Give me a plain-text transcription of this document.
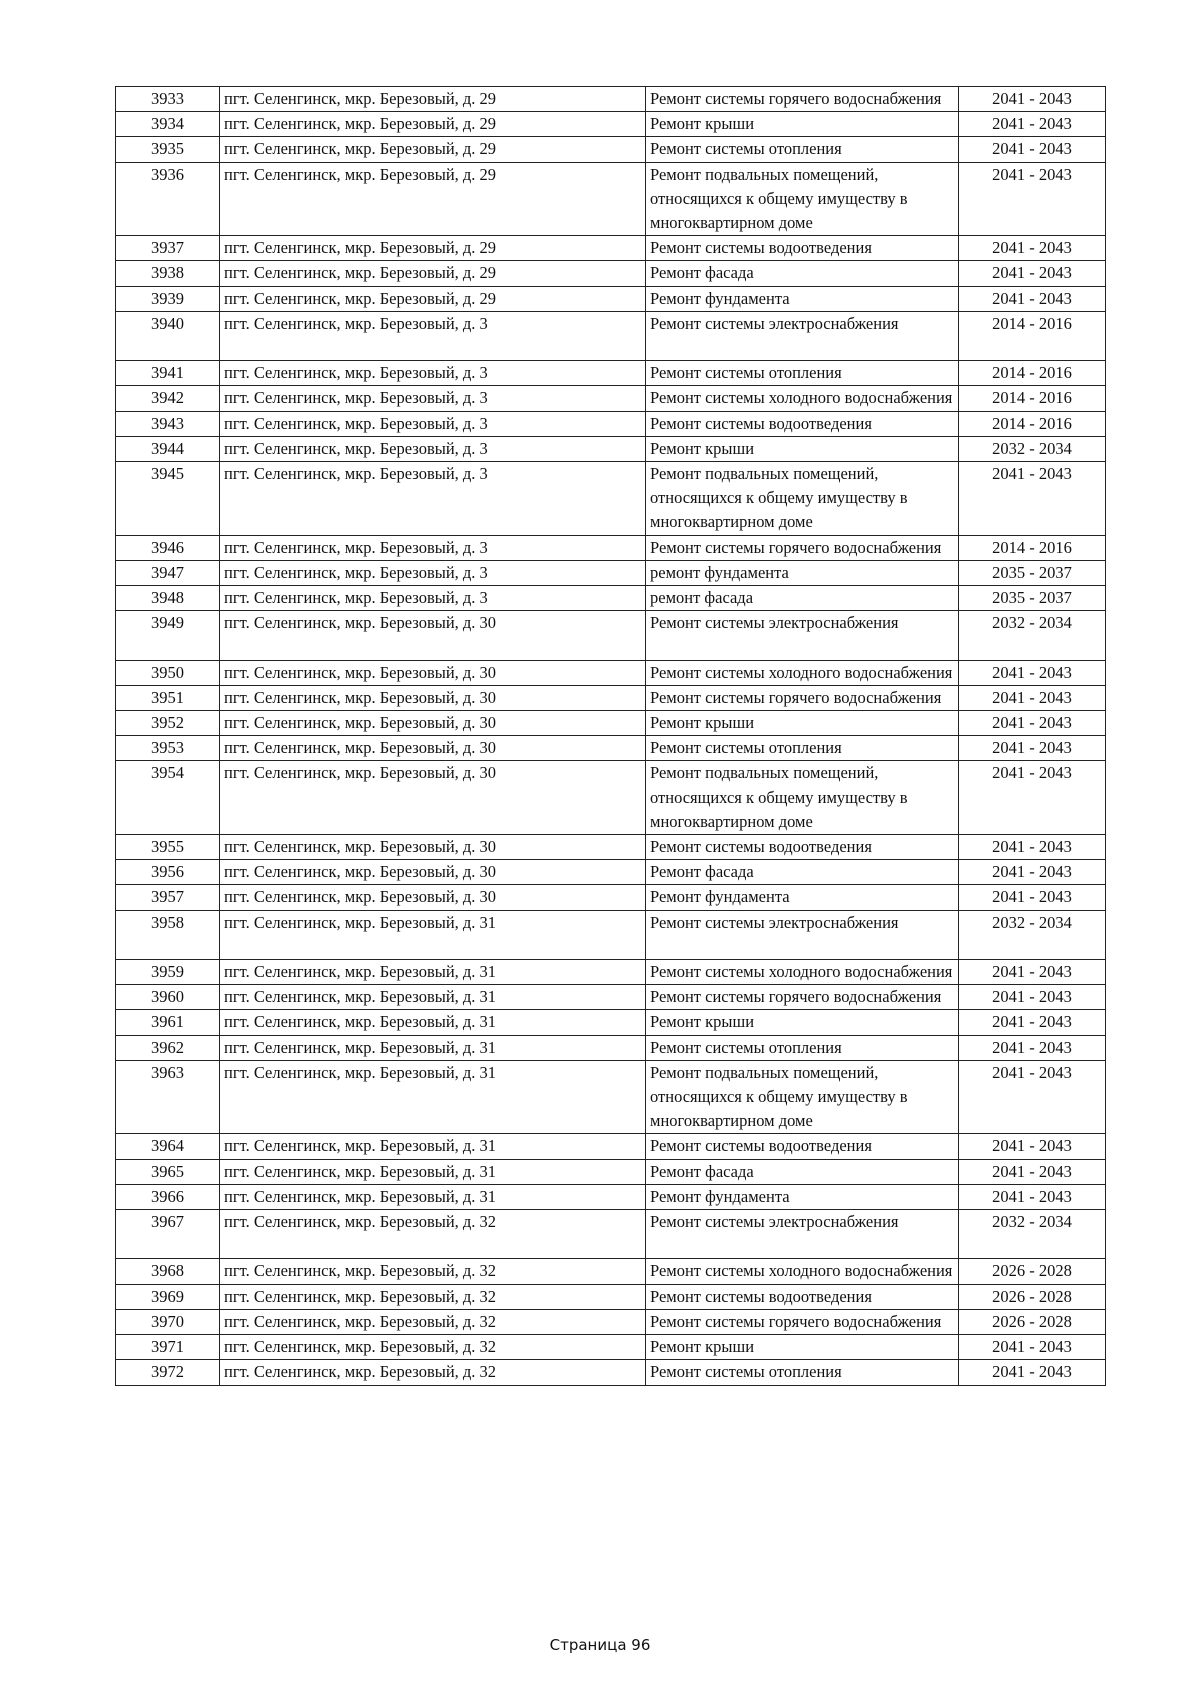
3933	пгт. Селенгинск, мкр. Березовый, д. 29	Ремонт системы горячего водоснабжения	2041 - 2043
3934	пгт. Селенгинск, мкр. Березовый, д. 29	Ремонт крыши	2041 - 2043
3935	пгт. Селенгинск, мкр. Березовый, д. 29	Ремонт системы отопления	2041 - 2043
3936	пгт. Селенгинск, мкр. Березовый, д. 29	Ремонт подвальных помещений, относящихся к общему имуществу в многоквартирном доме	2041 - 2043
3937	пгт. Селенгинск, мкр. Березовый, д. 29	Ремонт системы водоотведения	2041 - 2043
3938	пгт. Селенгинск, мкр. Березовый, д. 29	Ремонт фасада	2041 - 2043
3939	пгт. Селенгинск, мкр. Березовый, д. 29	Ремонт фундамента	2041 - 2043
3940	пгт. Селенгинск, мкр. Березовый, д. 3	Ремонт системы электроснабжения	2014 - 2016
3941	пгт. Селенгинск, мкр. Березовый, д. 3	Ремонт системы отопления	2014 - 2016
3942	пгт. Селенгинск, мкр. Березовый, д. 3	Ремонт системы холодного водоснабжения	2014 - 2016
3943	пгт. Селенгинск, мкр. Березовый, д. 3	Ремонт системы водоотведения	2014 - 2016
3944	пгт. Селенгинск, мкр. Березовый, д. 3	Ремонт крыши	2032 - 2034
3945	пгт. Селенгинск, мкр. Березовый, д. 3	Ремонт подвальных помещений, относящихся к общему имуществу в многоквартирном доме	2041 - 2043
3946	пгт. Селенгинск, мкр. Березовый, д. 3	Ремонт системы горячего водоснабжения	2014 - 2016
3947	пгт. Селенгинск, мкр. Березовый, д. 3	ремонт фундамента	2035 - 2037
3948	пгт. Селенгинск, мкр. Березовый, д. 3	ремонт фасада	2035 - 2037
3949	пгт. Селенгинск, мкр. Березовый, д. 30	Ремонт системы электроснабжения	2032 - 2034
3950	пгт. Селенгинск, мкр. Березовый, д. 30	Ремонт системы холодного водоснабжения	2041 - 2043
3951	пгт. Селенгинск, мкр. Березовый, д. 30	Ремонт системы горячего водоснабжения	2041 - 2043
3952	пгт. Селенгинск, мкр. Березовый, д. 30	Ремонт крыши	2041 - 2043
3953	пгт. Селенгинск, мкр. Березовый, д. 30	Ремонт системы отопления	2041 - 2043
3954	пгт. Селенгинск, мкр. Березовый, д. 30	Ремонт подвальных помещений, относящихся к общему имуществу в многоквартирном доме	2041 - 2043
3955	пгт. Селенгинск, мкр. Березовый, д. 30	Ремонт системы водоотведения	2041 - 2043
3956	пгт. Селенгинск, мкр. Березовый, д. 30	Ремонт фасада	2041 - 2043
3957	пгт. Селенгинск, мкр. Березовый, д. 30	Ремонт фундамента	2041 - 2043
3958	пгт. Селенгинск, мкр. Березовый, д. 31	Ремонт системы электроснабжения	2032 - 2034
3959	пгт. Селенгинск, мкр. Березовый, д. 31	Ремонт системы холодного водоснабжения	2041 - 2043
3960	пгт. Селенгинск, мкр. Березовый, д. 31	Ремонт системы горячего водоснабжения	2041 - 2043
3961	пгт. Селенгинск, мкр. Березовый, д. 31	Ремонт крыши	2041 - 2043
3962	пгт. Селенгинск, мкр. Березовый, д. 31	Ремонт системы отопления	2041 - 2043
3963	пгт. Селенгинск, мкр. Березовый, д. 31	Ремонт подвальных помещений, относящихся к общему имуществу в многоквартирном доме	2041 - 2043
3964	пгт. Селенгинск, мкр. Березовый, д. 31	Ремонт системы водоотведения	2041 - 2043
3965	пгт. Селенгинск, мкр. Березовый, д. 31	Ремонт фасада	2041 - 2043
3966	пгт. Селенгинск, мкр. Березовый, д. 31	Ремонт фундамента	2041 - 2043
3967	пгт. Селенгинск, мкр. Березовый, д. 32	Ремонт системы электроснабжения	2032 - 2034
3968	пгт. Селенгинск, мкр. Березовый, д. 32	Ремонт системы холодного водоснабжения	2026 - 2028
3969	пгт. Селенгинск, мкр. Березовый, д. 32	Ремонт системы водоотведения	2026 - 2028
3970	пгт. Селенгинск, мкр. Березовый, д. 32	Ремонт системы горячего водоснабжения	2026 - 2028
3971	пгт. Селенгинск, мкр. Березовый, д. 32	Ремонт крыши	2041 - 2043
3972	пгт. Селенгинск, мкр. Березовый, д. 32	Ремонт системы отопления	2041 - 2043
Страница 96
